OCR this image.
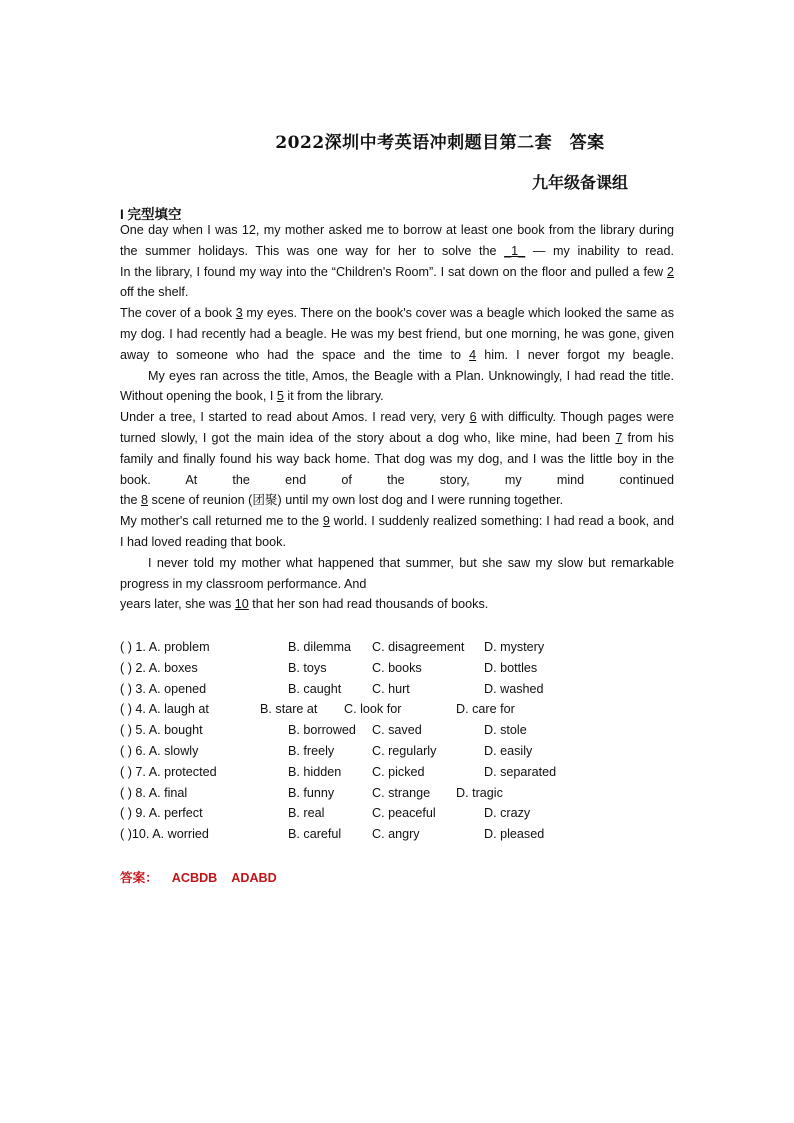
2022深圳中考英语冲刺题目第二套　答案
九年级备课组
I 完型填空

One day when I was 12, my mother asked me to borrow at least one book from the library during the summer holidays. This was one way for her to solve the _1_ — my inability to read.

In the library, I found my way into the “Children's Room”. I sat down on the floor and pulled a few 2 off the shelf.

The cover of a book 3 my eyes. There on the book's cover was a beagle which looked the same as my dog. I had recently had a beagle. He was my best friend, but one morning, he was gone, given away to someone who had the space and the time to 4 him. I never forgot my beagle.

My eyes ran across the title, Amos, the Beagle with a Plan. Unknowingly, I had read the title. Without opening the book, I 5 it from the library.

Under a tree, I started to read about Amos. I read very, very 6 with difficulty. Though pages were turned slowly, I got the main idea of the story about a dog who, like mine, had been 7 from his family and finally found his way back home. That dog was my dog, and I was the little boy in the book. At the end of the story, my mind continued

the 8 scene of reunion (团聚) until my own lost dog and I were running together.

My mother's call returned me to the 9 world. I suddenly realized something: I had read a book, and I had loved reading that book.

I never told my mother what happened that summer, but she saw my slow but remarkable progress in my classroom performance. And

years later, she was 10 that her son had read thousands of books.

( ) 1. A. problem	B. dilemma C. disagreement D. mystery
( ) 2. A. boxes	B. toys	C. books	D. bottles
( ) 3. A. opened	B. caught C. hurt	D. washed
( ) 4. A. laugh at	B. stare at C. look for	D. care for
( ) 5. A. bought	B. borrowed C. saved	D. stole
( ) 6. A. slowly	B. freely	C. regularly	D. easily
( ) 7. A. protected	B. hidden C. picked	D. separated
( ) 8. A. final	B. funny	C. strange D. tragic
( ) 9. A. perfect	B. real	C. peaceful	D. crazy
( )10. A. worried	B. careful C. angry	D. pleased
答案： ACBDB ADABD
